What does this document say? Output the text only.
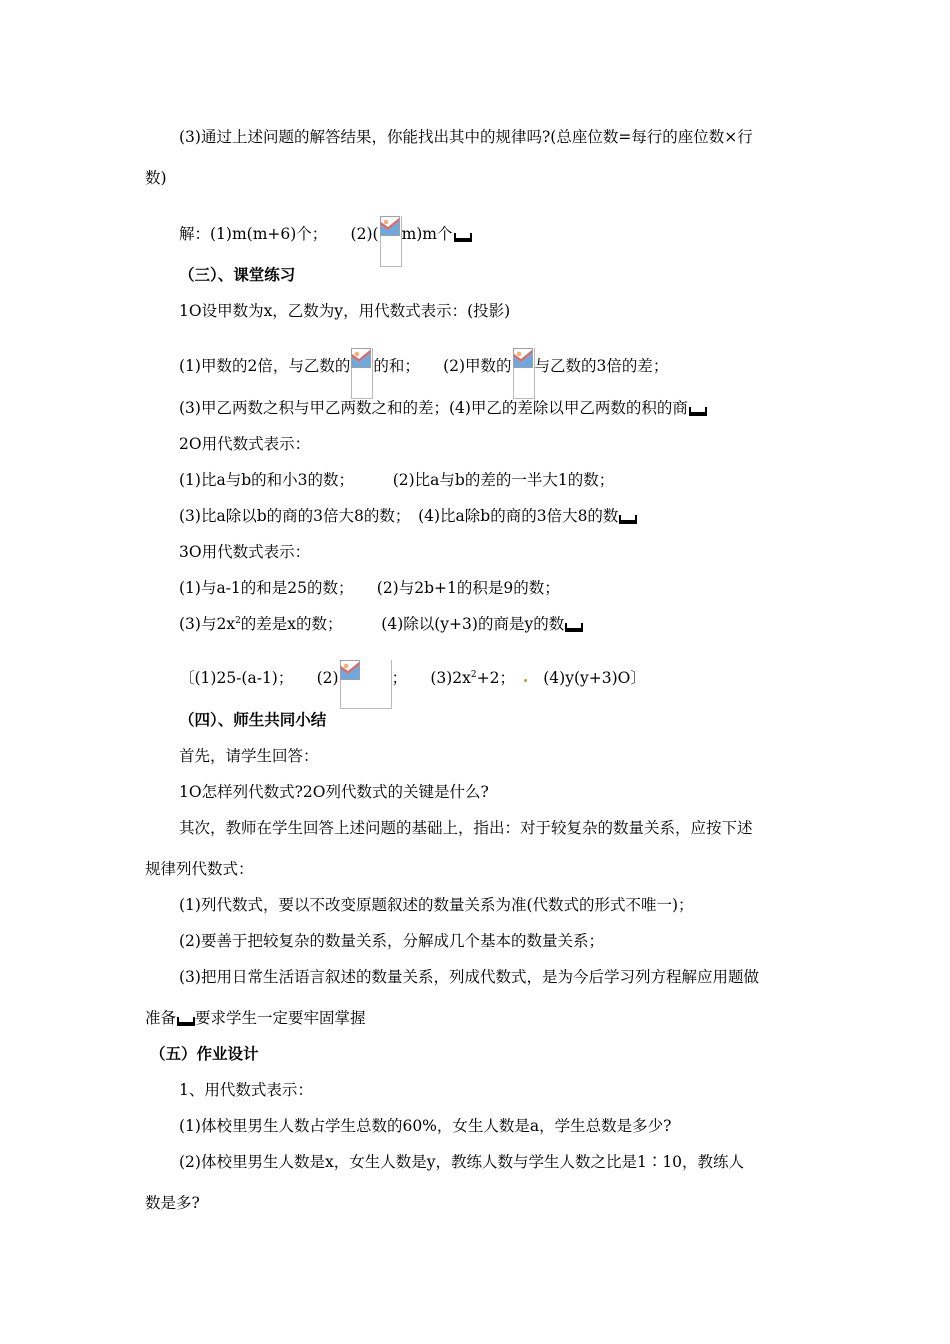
(3)通过上述问题的解答结果，你能找出其中的规律吗?(总座位数=每行的座位数×行
数)
解：(1)m(m+6)个；　　(2)( m)m个
（三）、课堂练习
1O设甲数为x，乙数为y，用代数式表示：(投影)
(1)甲数的2倍，与乙数的 的和；　　(2)甲数的 与乙数的3倍的差；
(3)甲乙两数之积与甲乙两数之和的差；(4)甲乙的差除以甲乙两数的积的商
2O用代数式表示：
(1)比a与b的和小3的数；　　　(2)比a与b的差的一半大1的数；
(3)比a除以b的商的3倍大8的数；　(4)比a除b的商的3倍大8的数
3O用代数式表示：
(1)与a-1的和是25的数；　　(2)与2b+1的积是9的数；
(3)与$2x^2$的差是x的数；　　　(4)除以(y+3)的商是y的数
〔(1)25-(a-1)；　　(2)	；　　$(3)2x^2+2$；　　 (4)y(y+3)O〕
（四）、师生共同小结
首先，请学生回答：
1O怎样列代数式?2O列代数式的关键是什么?
其次，教师在学生回答上述问题的基础上，指出：对于较复杂的数量关系，应按下述
规律列代数式：
(1)列代数式，要以不改变原题叙述的数量关系为准(代数式的形式不唯一)；
(2)要善于把较复杂的数量关系，分解成几个基本的数量关系；
(3)把用日常生活语言叙述的数量关系，列成代数式，是为今后学习列方程解应用题做
准备 要求学生一定要牢固掌握
（五）作业设计
1、用代数式表示：
(1)体校里男生人数占学生总数的60%，女生人数是a，学生总数是多少?
(2)体校里男生人数是x，女生人数是y，教练人数与学生人数之比是1∶10，教练人
数是多?
